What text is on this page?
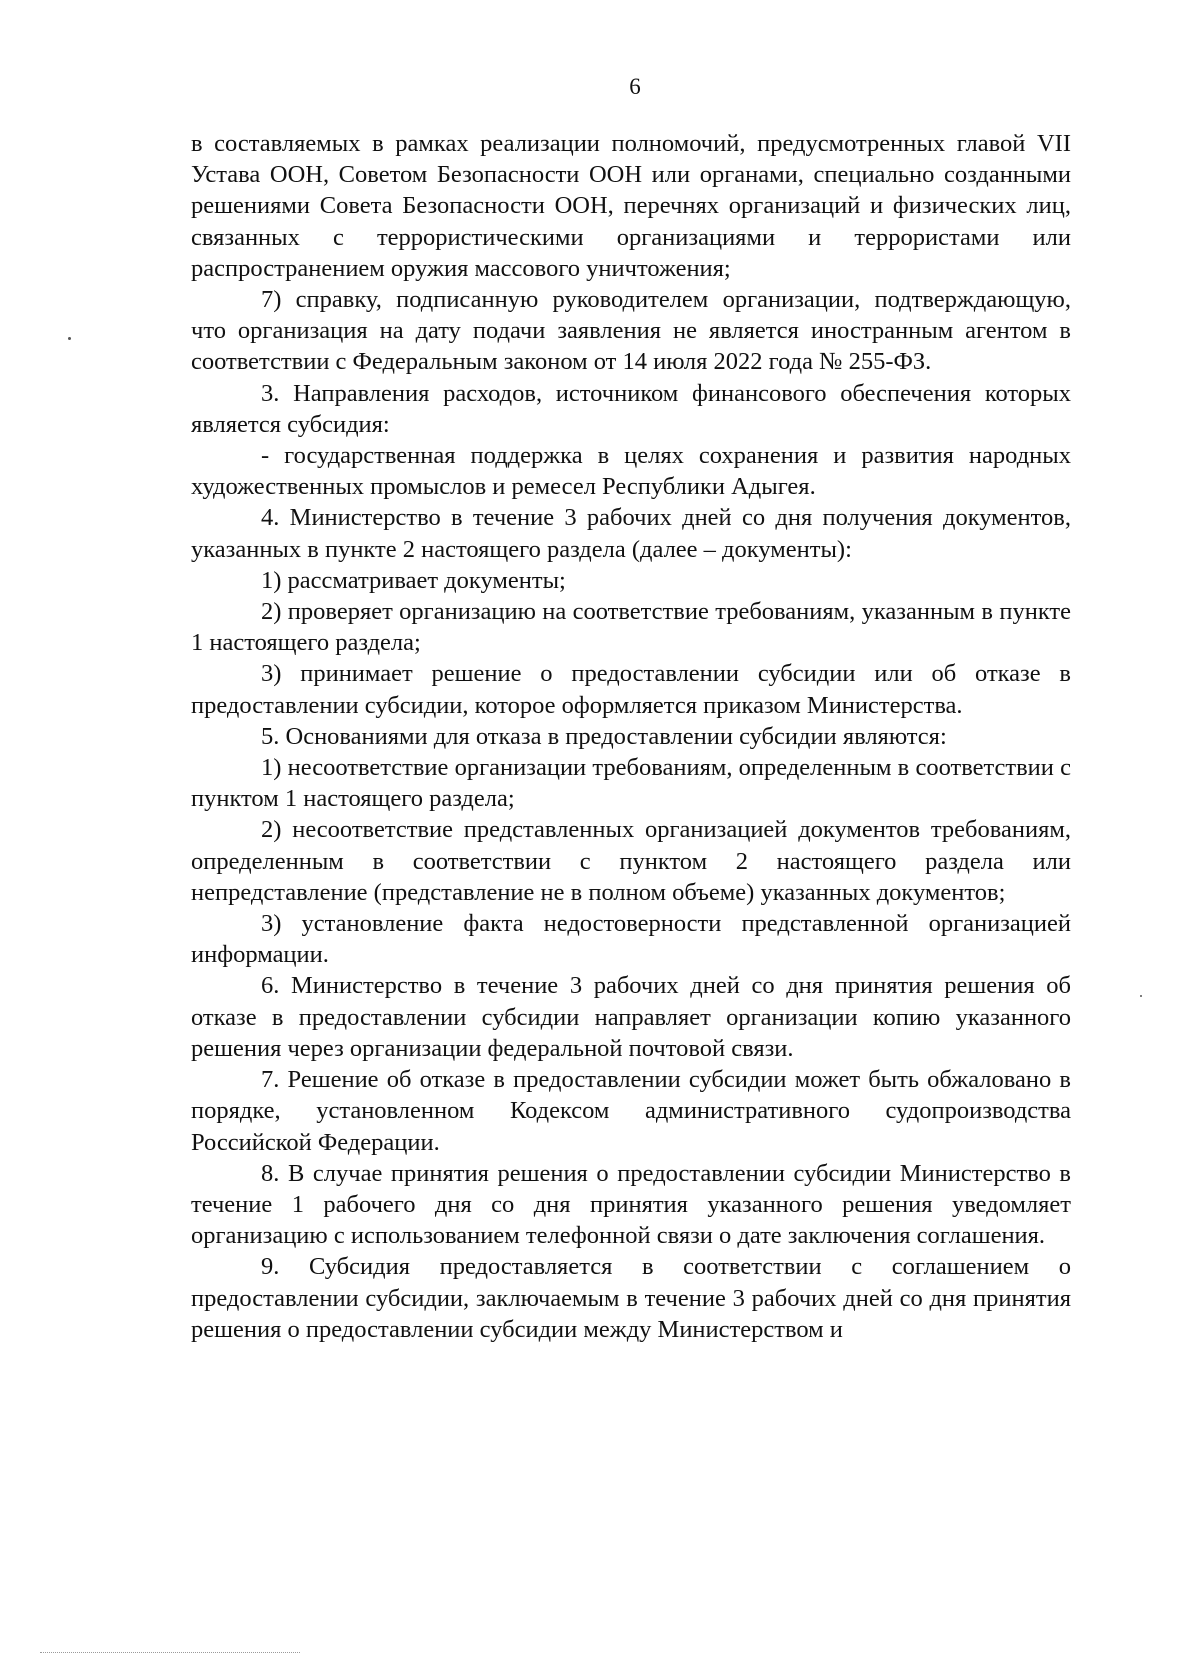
6

в составляемых в рамках реализации полномочий, предусмотренных главой VII Устава ООН, Советом Безопасности ООН или органами, специально созданными решениями Совета Безопасности ООН, перечнях организаций и физических лиц, связанных с террористическими организациями и террористами или распространением оружия массового уничтожения;

7) справку, подписанную руководителем организации, подтверждающую, что организация на дату подачи заявления не является иностранным агентом в соответствии с Федеральным законом от 14 июля 2022 года № 255-ФЗ.

3. Направления расходов, источником финансового обеспечения которых является субсидия:

- государственная поддержка в целях сохранения и развития народных художественных промыслов и ремесел Республики Адыгея.

4. Министерство в течение 3 рабочих дней со дня получения документов, указанных в пункте 2 настоящего раздела (далее – документы):

1) рассматривает документы;

2) проверяет организацию на соответствие требованиям, указанным в пункте 1 настоящего раздела;

3) принимает решение о предоставлении субсидии или об отказе в предоставлении субсидии, которое оформляется приказом Министерства.

5. Основаниями для отказа в предоставлении субсидии являются:

1) несоответствие организации требованиям, определенным в соответствии с пунктом 1 настоящего раздела;

2) несоответствие представленных организацией документов требованиям, определенным в соответствии с пунктом 2 настоящего раздела или непредставление (представление не в полном объеме) указанных документов;

3) установление факта недостоверности представленной организацией информации.

6. Министерство в течение 3 рабочих дней со дня принятия решения об отказе в предоставлении субсидии направляет организации копию указанного решения через организации федеральной почтовой связи.

7. Решение об отказе в предоставлении субсидии может быть обжаловано в порядке, установленном Кодексом административного судопроизводства Российской Федерации.

8. В случае принятия решения о предоставлении субсидии Министерство в течение 1 рабочего дня со дня принятия указанного решения уведомляет организацию с использованием телефонной связи о дате заключения соглашения.

9. Субсидия предоставляется в соответствии с соглашением о предоставлении субсидии, заключаемым в течение 3 рабочих дней со дня принятия решения о предоставлении субсидии между Министерством и
